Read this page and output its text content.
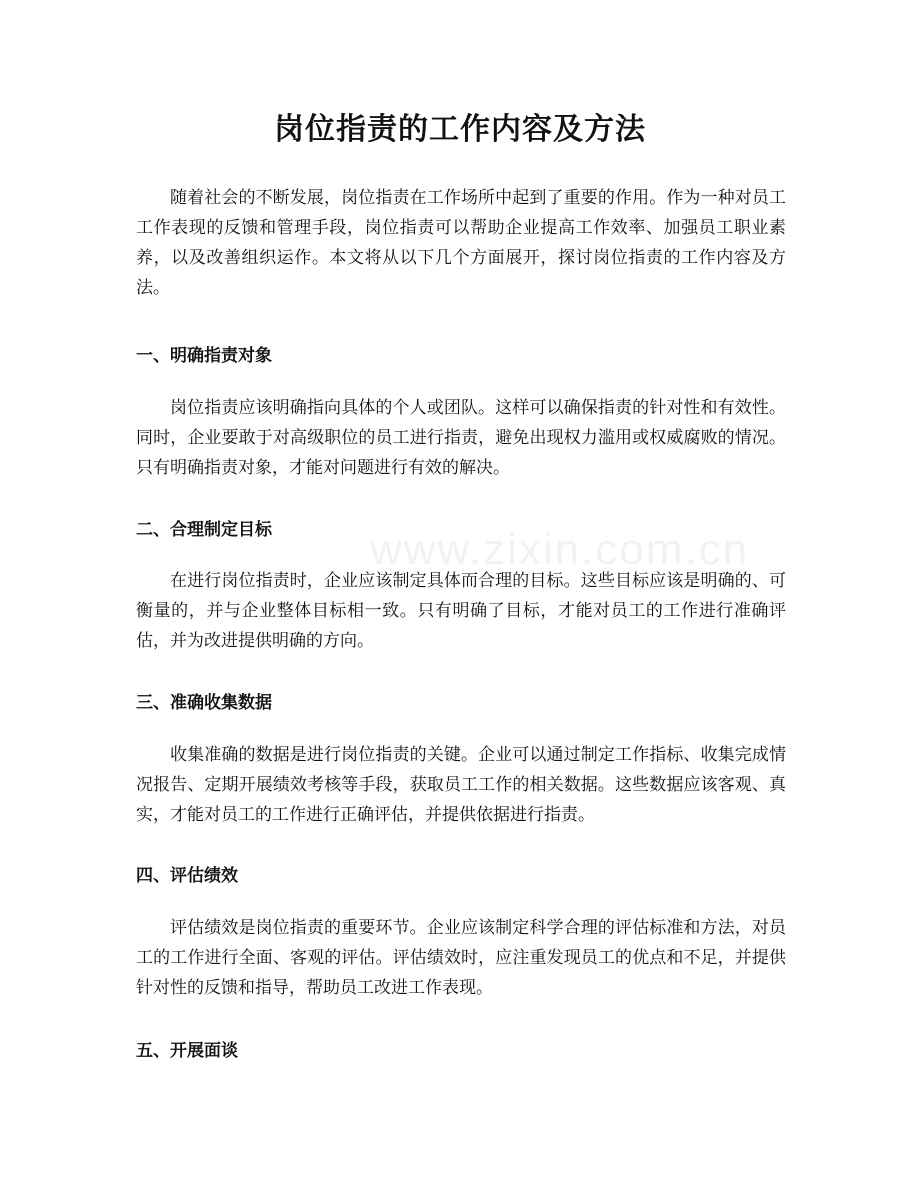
岗位指责的工作内容及方法

随着社会的不断发展，岗位指责在工作场所中起到了重要的作用。作为一种对员工工作表现的反馈和管理手段，岗位指责可以帮助企业提高工作效率、加强员工职业素养，以及改善组织运作。本文将从以下几个方面展开，探讨岗位指责的工作内容及方法。

一、明确指责对象

岗位指责应该明确指向具体的个人或团队。这样可以确保指责的针对性和有效性。同时，企业要敢于对高级职位的员工进行指责，避免出现权力滥用或权威腐败的情况。只有明确指责对象，才能对问题进行有效的解决。

二、合理制定目标

在进行岗位指责时，企业应该制定具体而合理的目标。这些目标应该是明确的、可衡量的，并与企业整体目标相一致。只有明确了目标，才能对员工的工作进行准确评估，并为改进提供明确的方向。

三、准确收集数据

收集准确的数据是进行岗位指责的关键。企业可以通过制定工作指标、收集完成情况报告、定期开展绩效考核等手段，获取员工工作的相关数据。这些数据应该客观、真实，才能对员工的工作进行正确评估，并提供依据进行指责。

四、评估绩效

评估绩效是岗位指责的重要环节。企业应该制定科学合理的评估标准和方法，对员工的工作进行全面、客观的评估。评估绩效时，应注重发现员工的优点和不足，并提供针对性的反馈和指导，帮助员工改进工作表现。

五、开展面谈
www.zixin.com.cn
